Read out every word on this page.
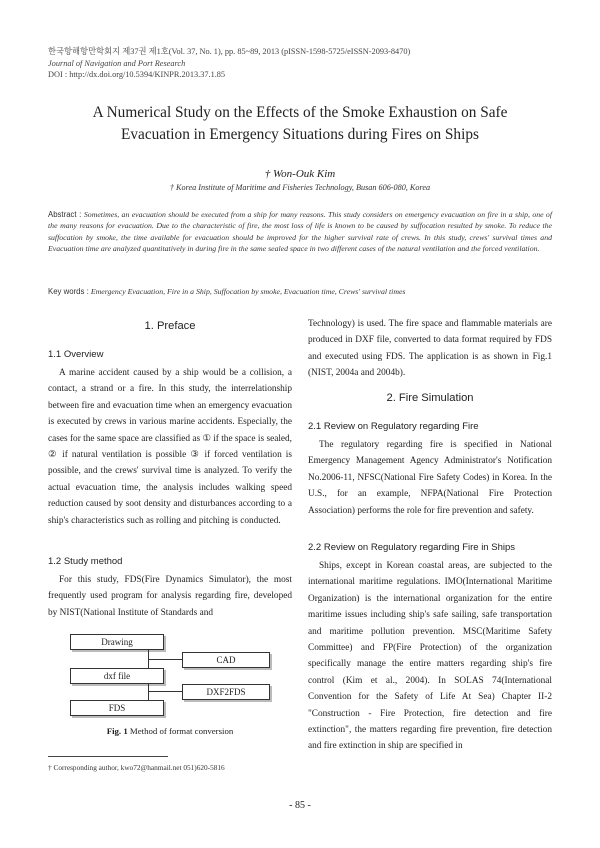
한국항해항만학회지 제37권 제1호(Vol. 37, No. 1), pp. 85~89, 2013 (pISSN-1598-5725/eISSN-2093-8470)
Journal of Navigation and Port Research
DOI : http://dx.doi.org/10.5394/KINPR.2013.37.1.85
A Numerical Study on the Effects of the Smoke Exhaustion on Safe
Evacuation in Emergency Situations during Fires on Ships
† Won-Ouk Kim
† Korea Institute of Maritime and Fisheries Technology, Busan 606-080, Korea
Abstract : Sometimes, an evacuation should be executed from a ship for many reasons. This study considers on emergency evacuation on fire in a ship, one of the many reasons for evacuation. Due to the characteristic of fire, the most loss of life is known to be caused by suffocation resulted by smoke. To reduce the suffocation by smoke, the time available for evacuation should be improved for the higher survival rate of crews. In this study, crews' survival times and Evacuation time are analyzed quantitatively in during fire in the same sealed space in two different cases of the natural ventilation and the forced ventilation.
Key words : Emergency Evacuation, Fire in a Ship, Suffocation by smoke, Evacuation time, Crews' survival times
1. Preface
1.1 Overview
A marine accident caused by a ship would be a collision, a contact, a strand or a fire. In this study, the interrelationship between fire and evacuation time when an emergency evacuation is executed by crews in various marine accidents. Especially, the cases for the same space are classified as ① if the space is sealed, ② if natural ventilation is possible ③ if forced ventilation is possible, and the crews' survival time is analyzed. To verify the actual evacuation time, the analysis includes walking speed reduction caused by soot density and disturbances according to a ship's characteristics such as rolling and pitching is conducted.
1.2 Study method
For this study, FDS(Fire Dynamics Simulator), the most frequently used program for analysis regarding fire, developed by NIST(National Institute of Standards and
Drawing
CAD
dxf file
DXF2FDS
FDS
Fig. 1 Method of format conversion
Technology) is used. The fire space and flammable materials are produced in DXF file, converted to data format required by FDS and executed using FDS. The application is as shown in Fig.1 (NIST, 2004a and 2004b).
2. Fire Simulation
2.1 Review on Regulatory regarding Fire
The regulatory regarding fire is specified in National Emergency Management Agency Administrator's Notification No.2006-11, NFSC(National Fire Safety Codes) in Korea. In the U.S., for an example, NFPA(National Fire Protection Association) performs the role for fire prevention and safety.
2.2 Review on Regulatory regarding Fire in Ships
Ships, except in Korean coastal areas, are subjected to the international maritime regulations. IMO(International Maritime Organization) is the international organization for the entire maritime issues including ship's safe sailing, safe transportation and maritime pollution prevention. MSC(Maritime Safety Committee) and FP(Fire Protection) of the organization specifically manage the entire matters regarding ship's fire control (Kim et al., 2004). In SOLAS 74(International Convention for the Safety of Life At Sea) Chapter II-2 "Construction - Fire Protection, fire detection and fire extinction", the matters regarding fire prevention, fire detection and fire extinction in ship are specified in
† Corresponding author, kwo72@hanmail.net 051)620-5816
- 85 -
